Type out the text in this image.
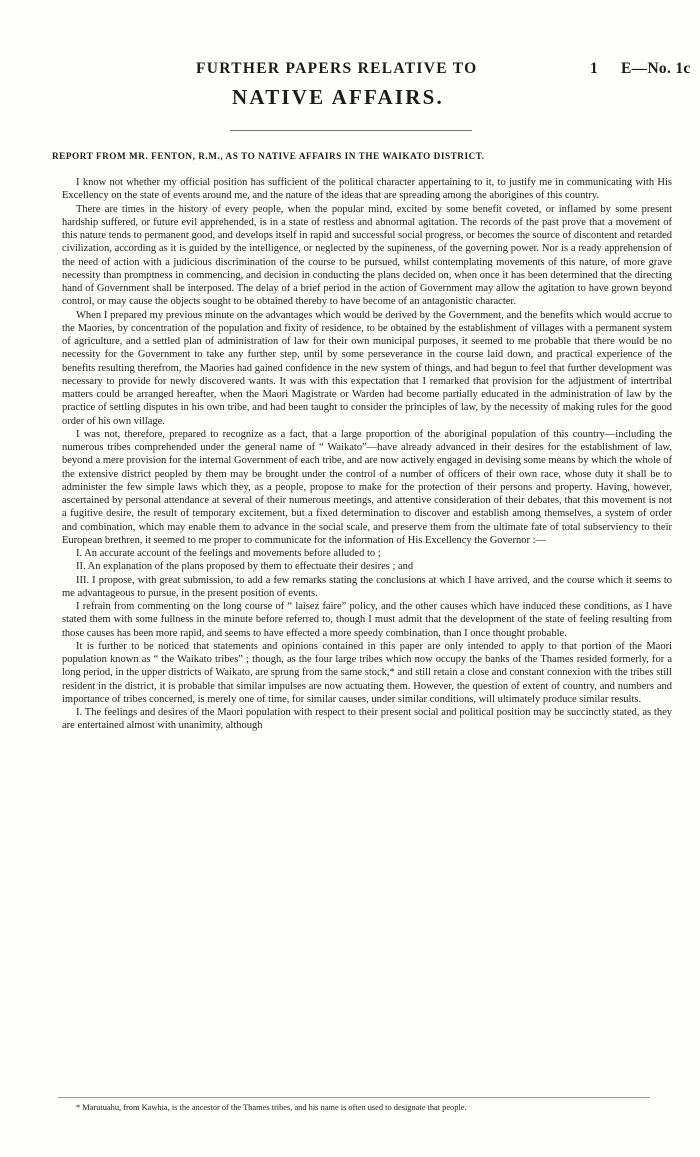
FURTHER PAPERS RELATIVE TO	1 E—No. 1c
NATIVE AFFAIRS.
REPORT FROM MR. FENTON, R.M., AS TO NATIVE AFFAIRS IN THE WAIKATO DISTRICT.

I know not whether my official position has sufficient of the political character appertaining to it, to justify me in communicating with His Excellency on the state of events around me, and the nature of the ideas that are spreading among the aborigines of this country.

There are times in the history of every people, when the popular mind, excited by some benefit coveted, or inflamed by some present hardship suffered, or future evil apprehended, is in a state of restless and abnormal agitation. The records of the past prove that a movement of this nature tends to permanent good, and develops itself in rapid and successful social progress, or becomes the source of discontent and retarded civilization, according as it is guided by the intelligence, or neglected by the supineness, of the governing power. Nor is a ready apprehension of the need of action with a judicious discrimination of the course to be pursued, whilst contemplating movements of this nature, of more grave necessity than promptness in commencing, and decision in conducting the plans decided on, when once it has been determined that the directing hand of Government shall be interposed. The delay of a brief period in the action of Government may allow the agitation to have grown beyond control, or may cause the objects sought to be obtained thereby to have become of an antagonistic character.

When I prepared my previous minute on the advantages which would be derived by the Government, and the benefits which would accrue to the Maories, by concentration of the population and fixity of residence, to be obtained by the establishment of villages with a permanent system of agriculture, and a settled plan of administration of law for their own municipal purposes, it seemed to me probable that there would be no necessity for the Government to take any further step, until by some perseverance in the course laid down, and practical experience of the benefits resulting therefrom, the Maories had gained confidence in the new system of things, and had begun to feel that further development was necessary to provide for newly discovered wants. It was with this expectation that I remarked that provision for the adjustment of intertribal matters could be arranged hereafter, when the Maori Magistrate or Warden had become partially educated in the administration of law by the practice of settling disputes in his own tribe, and had been taught to consider the principles of law, by the necessity of making rules for the good order of his own village.

I was not, therefore, prepared to recognize as a fact, that a large proportion of the aboriginal population of this country—including the numerous tribes comprehended under the general name of “ Waikato”—have already advanced in their desires for the establishment of law, beyond a mere provision for the internal Government of each tribe, and are now actively engaged in devising some means by which the whole of the extensive district peopled by them may be brought under the control of a number of officers of their own race, whose duty it shall be to administer the few simple laws which they, as a people, propose to make for the protection of their persons and property. Having, however, ascertained by personal attendance at several of their numerous meetings, and attentive consideration of their debates, that this movement is not a fugitive desire, the result of temporary excitement, but a fixed determination to discover and establish among themselves, a system of order and combination, which may enable them to advance in the social scale, and preserve them from the ultimate fate of total subserviency to their European brethren, it seemed to me proper to communicate for the information of His Excellency the Governor :—

I. An accurate account of the feelings and movements before alluded to ;

II. An explanation of the plans proposed by them to effectuate their desires ; and

III. I propose, with great submission, to add a few remarks stating the conclusions at which I have arrived, and the course which it seems to me advantageous to pursue, in the present position of events.

I refrain from commenting on the long course of “ laisez faire” policy, and the other causes which have induced these conditions, as I have stated them with some fullness in the minute before referred to, though I must admit that the development of the state of feeling resulting from those causes has been more rapid, and seems to have effected a more speedy combination, than I once thought probable.

It is further to be noticed that statements and opinions contained in this paper are only intended to apply to that portion of the Maori population known as “ the Waikato tribes” ; though, as the four large tribes which now occupy the banks of the Thames resided formerly, for a long period, in the upper districts of Waikato, are sprung from the same stock,* and still retain a close and constant connexion with the tribes still resident in the district, it is probable that similar impulses are now actuating them. However, the question of extent of country, and numbers and importance of tribes concerned, is merely one of time, for similar causes, under similar conditions, will ultimately produce similar results.

I. The feelings and desires of the Maori population with respect to their present social and political position may be succinctly stated, as they are entertained almost with unanimity, although

* Marutuahu, from Kawhia, is the ancestor of the Thames tribes, and his name is often used to designate that people.
